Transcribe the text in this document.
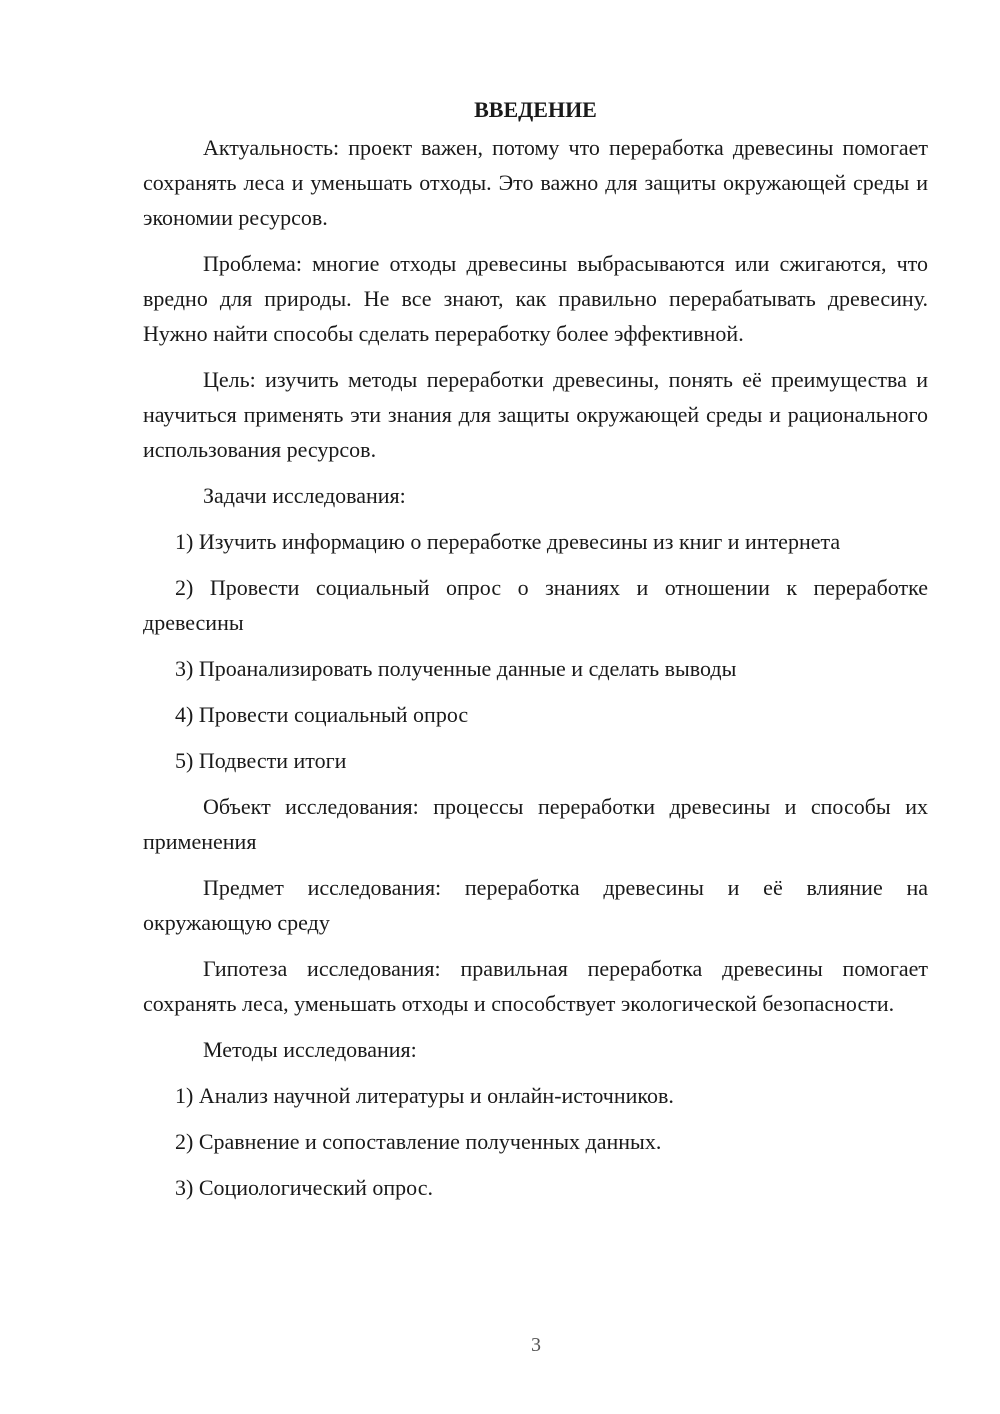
ВВЕДЕНИЕ

Актуальность: проект важен, потому что переработка древесины помогает сохранять леса и уменьшать отходы. Это важно для защиты окружающей среды и экономии ресурсов.

Проблема: многие отходы древесины выбрасываются или сжигаются, что вредно для природы. Не все знают, как правильно перерабатывать древесину. Нужно найти способы сделать переработку более эффективной.

Цель: изучить методы переработки древесины, понять её преимущества и научиться применять эти знания для защиты окружающей среды и рационального использования ресурсов.

Задачи исследования:

1) Изучить информацию о переработке древесины из книг и интернета

2) Провести социальный опрос о знаниях и отношении к переработке древесины

3) Проанализировать полученные данные и сделать выводы

4) Провести социальный опрос

5) Подвести итоги

Объект исследования: процессы переработки древесины и способы их применения

Предмет исследования: переработка древесины и её влияние на окружающую среду

Гипотеза исследования: правильная переработка древесины помогает сохранять леса, уменьшать отходы и способствует экологической безопасности.

Методы исследования:

1) Анализ научной литературы и онлайн-источников.

2) Сравнение и сопоставление полученных данных.

3) Социологический опрос.

3
